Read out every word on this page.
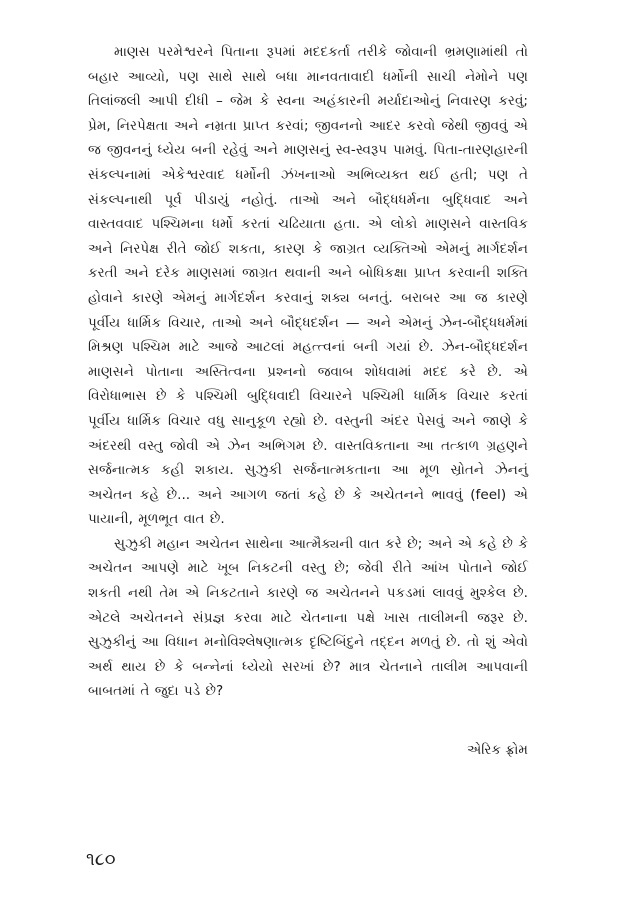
માણસ પરમેશ્વરને પિતાના રૂપમાં મદદકર્તા તરીકે જોવાની ભ્રમણામાંથી તો બહાર આવ્યો, પણ સાથે સાથે બધા માનવતાવાદી ધર્મોની સાચી નેમોને પણ તિલાંજલી આપી દીધી – જેમ કે સ્વના અહંકારની મર્યાદાઓનું નિવારણ કરવું; પ્રેમ, નિરપેક્ષતા અને નમ્રતા પ્રાપ્ત કરવાં; જીવનનો આદર કરવો જેથી જીવવું એ જ જીવનનું ધ્યેય બની રહેવું અને માણસનું સ્વ-સ્વરૂપ પામવું. પિતા-તારણહારની સંકલ્પનામાં એકેશ્વરવાદ ધર્મોની ઝંખનાઓ અભિવ્યક્ત થઈ હતી; પણ તે સંકલ્પનાથી પૂર્વ પીડાયું નહોતું. તાઓ અને બૌદ્ધધર્મના બુદ્ધિવાદ અને વાસ્તવવાદ પશ્ચિમના ધર્મો કરતાં ચઢિયાતા હતા. એ લોકો માણસને વાસ્તવિક અને નિરપેક્ષ રીતે જોઈ શકતા, કારણ કે જાગ્રત વ્યક્તિઓ એમનું માર્ગદર્શન કરતી અને દરેક માણસમાં જાગ્રત થવાની અને બોધિકક્ષા પ્રાપ્ત કરવાની શક્તિ હોવાને કારણે એમનું માર્ગદર્શન કરવાનું શક્ય બનતું. બરાબર આ જ કારણે પૂર્વીય ધાર્મિક વિચાર, તાઓ અને બૌદ્ધદર્શન — અને એમનું ઝેન-બૌદ્ધધર્મમાં મિશ્રણ પશ્ચિમ માટે આજે આટલાં મહત્ત્વનાં બની ગયાં છે. ઝેન-બૌદ્ધદર્શન માણસને પોતાના અસ્તિત્વના પ્રશ્નનો જવાબ શોધવામાં મદદ કરે છે. એ વિરોધાભાસ છે કે પશ્ચિમી બુદ્ધિવાદી વિચારને પશ્ચિમી ધાર્મિક વિચાર કરતાં પૂર્વીય ધાર્મિક વિચાર વધુ સાનુકૂળ રહ્યો છે. વસ્તુની અંદર પેસવું અને જાણે કે અંદરથી વસ્તુ જોવી એ ઝેન અભિગમ છે. વાસ્તવિકતાના આ તત્કાળ ગ્રહણને સર્જનાત્મક કહી શકાય. સુઝુકી સર્જનાત્મકતાના આ મૂળ સ્રોતને ઝેનનું અચેતન કહે છે... અને આગળ જતાં કહે છે કે અચેતનને ભાવવું (feel) એ પાયાની, મૂળભૂત વાત છે.

સુઝુકી મહાન અચેતન સાથેના આત્મૈક્યની વાત કરે છે; અને એ કહે છે કે અચેતન આપણે માટે ખૂબ નિકટની વસ્તુ છે; જેવી રીતે આંખ પોતાને જોઈ શકતી નથી તેમ એ નિકટતાને કારણે જ અચેતનને પકડમાં લાવવું મુશ્કેલ છે. એટલે અચેતનને સંપ્રજ્ઞ કરવા માટે ચેતનાના પક્ષે ખાસ તાલીમની જરૂર છે. સુઝુકીનું આ વિધાન મનોવિશ્લેષણાત્મક દૃષ્ટિબિંદુને તદ્દન મળતું છે. તો શું એવો અર્થ થાય છે કે બન્નેનાં ધ્યેયો સરખાં છે? માત્ર ચેતનાને તાલીમ આપવાની બાબતમાં તે જુદા પડે છે?

એરિક ફ્રોમ
૧૮૦
